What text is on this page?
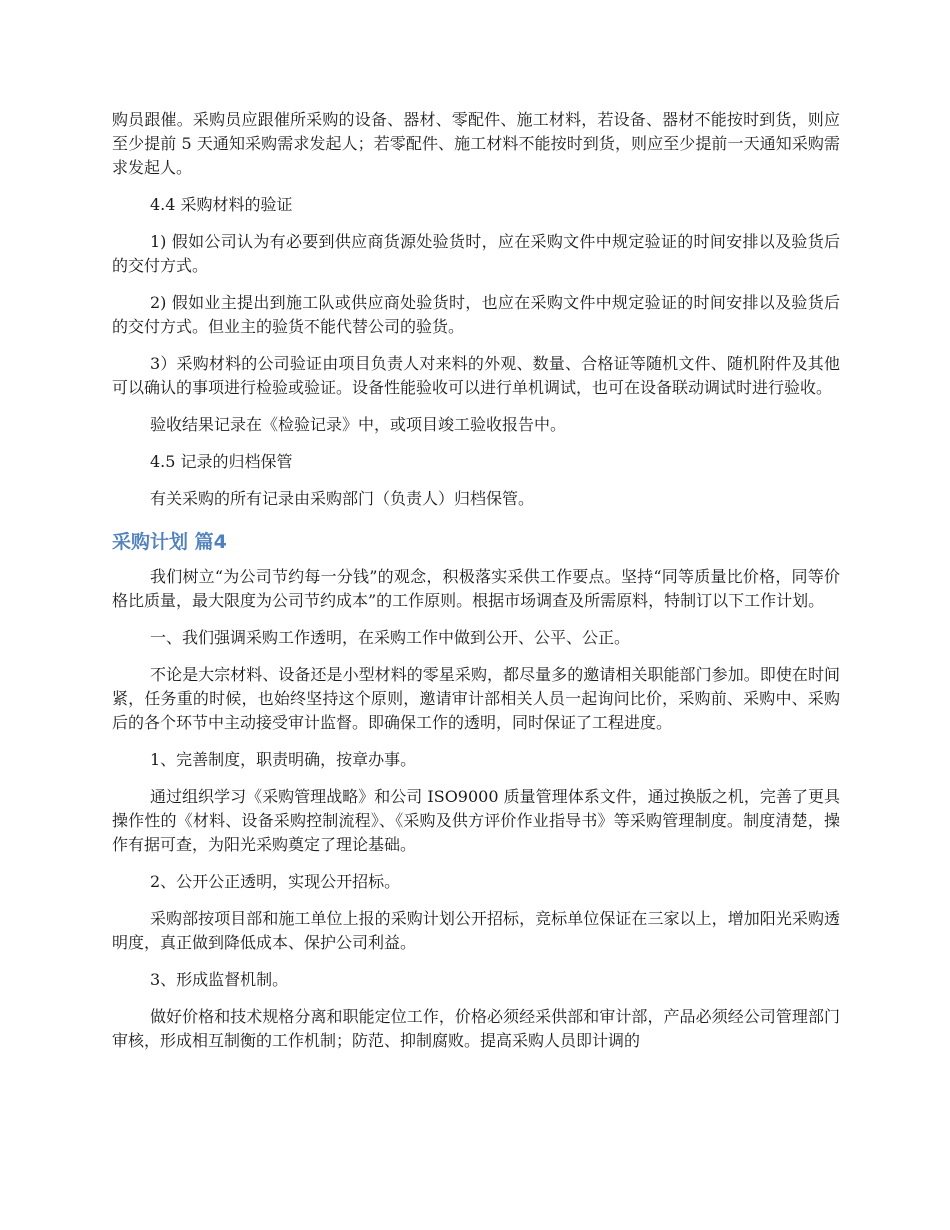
购员跟催。采购员应跟催所采购的设备、器材、零配件、施工材料，若设备、器材不能按时到货，则应至少提前 5 天通知采购需求发起人；若零配件、施工材料不能按时到货，则应至少提前一天通知采购需求发起人。

4.4 采购材料的验证

1) 假如公司认为有必要到供应商货源处验货时，应在采购文件中规定验证的时间安排以及验货后的交付方式。

2) 假如业主提出到施工队或供应商处验货时，也应在采购文件中规定验证的时间安排以及验货后的交付方式。但业主的验货不能代替公司的验货。

3）采购材料的公司验证由项目负责人对来料的外观、数量、合格证等随机文件、随机附件及其他可以确认的事项进行检验或验证。设备性能验收可以进行单机调试，也可在设备联动调试时进行验收。

验收结果记录在《检验记录》中，或项目竣工验收报告中。

4.5 记录的归档保管

有关采购的所有记录由采购部门（负责人）归档保管。

采购计划 篇4

我们树立“为公司节约每一分钱”的观念，积极落实采供工作要点。坚持“同等质量比价格，同等价格比质量，最大限度为公司节约成本”的工作原则。根据市场调查及所需原料，特制订以下工作计划。

一、我们强调采购工作透明，在采购工作中做到公开、公平、公正。

不论是大宗材料、设备还是小型材料的零星采购，都尽量多的邀请相关职能部门参加。即使在时间紧，任务重的时候，也始终坚持这个原则，邀请审计部相关人员一起询问比价，采购前、采购中、采购后的各个环节中主动接受审计监督。即确保工作的透明，同时保证了工程进度。

1、完善制度，职责明确，按章办事。

通过组织学习《采购管理战略》和公司 ISO9000 质量管理体系文件，通过换版之机，完善了更具操作性的《材料、设备采购控制流程》、《采购及供方评价作业指导书》等采购管理制度。制度清楚，操作有据可查，为阳光采购奠定了理论基础。

2、公开公正透明，实现公开招标。

采购部按项目部和施工单位上报的采购计划公开招标，竞标单位保证在三家以上，增加阳光采购透明度，真正做到降低成本、保护公司利益。

3、形成监督机制。

做好价格和技术规格分离和职能定位工作，价格必须经采供部和审计部，产品必须经公司管理部门审核，形成相互制衡的工作机制；防范、抑制腐败。提高采购人员即计调的
